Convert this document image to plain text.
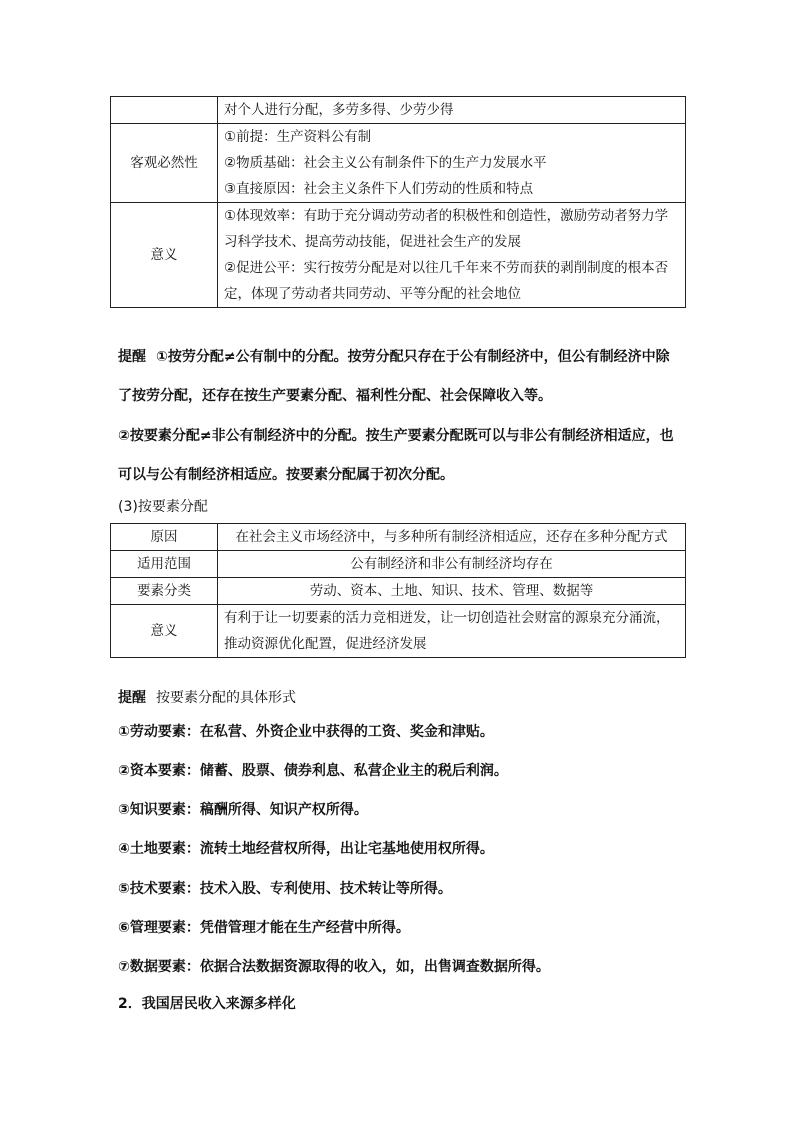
	对个人进行分配，多劳多得、少劳少得
客观必然性	①前提：生产资料公有制
②物质基础：社会主义公有制条件下的生产力发展水平
③直接原因：社会主义条件下人们劳动的性质和特点

意义	①体现效率：有助于充分调动劳动者的积极性和创造性，激励劳动者努力学
习科学技术、提高劳动技能，促进社会生产的发展
②促进公平：实行按劳分配是对以往几千年来不劳而获的剥削制度的根本否
定，体现了劳动者共同劳动、平等分配的社会地位
提醒 ①按劳分配≠公有制中的分配。按劳分配只存在于公有制经济中，但公有制经济中除
了按劳分配，还存在按生产要素分配、福利性分配、社会保障收入等。
②按要素分配≠非公有制经济中的分配。按生产要素分配既可以与非公有制经济相适应，也
可以与公有制经济相适应。按要素分配属于初次分配。
(3)按要素分配
原因	在社会主义市场经济中，与多种所有制经济相适应，还存在多种分配方式
适用范围	公有制经济和非公有制经济均存在
要素分类	劳动、资本、土地、知识、技术、管理、数据等
意义	有利于让一切要素的活力竞相迸发，让一切创造社会财富的源泉充分涌流，
推动资源优化配置，促进经济发展
提醒 按要素分配的具体形式
①劳动要素：在私营、外资企业中获得的工资、奖金和津贴。
②资本要素：储蓄、股票、债券利息、私营企业主的税后利润。
③知识要素：稿酬所得、知识产权所得。
④土地要素：流转土地经营权所得，出让宅基地使用权所得。
⑤技术要素：技术入股、专利使用、技术转让等所得。
⑥管理要素：凭借管理才能在生产经营中所得。
⑦数据要素：依据合法数据资源取得的收入，如，出售调查数据所得。
2．我国居民收入来源多样化
